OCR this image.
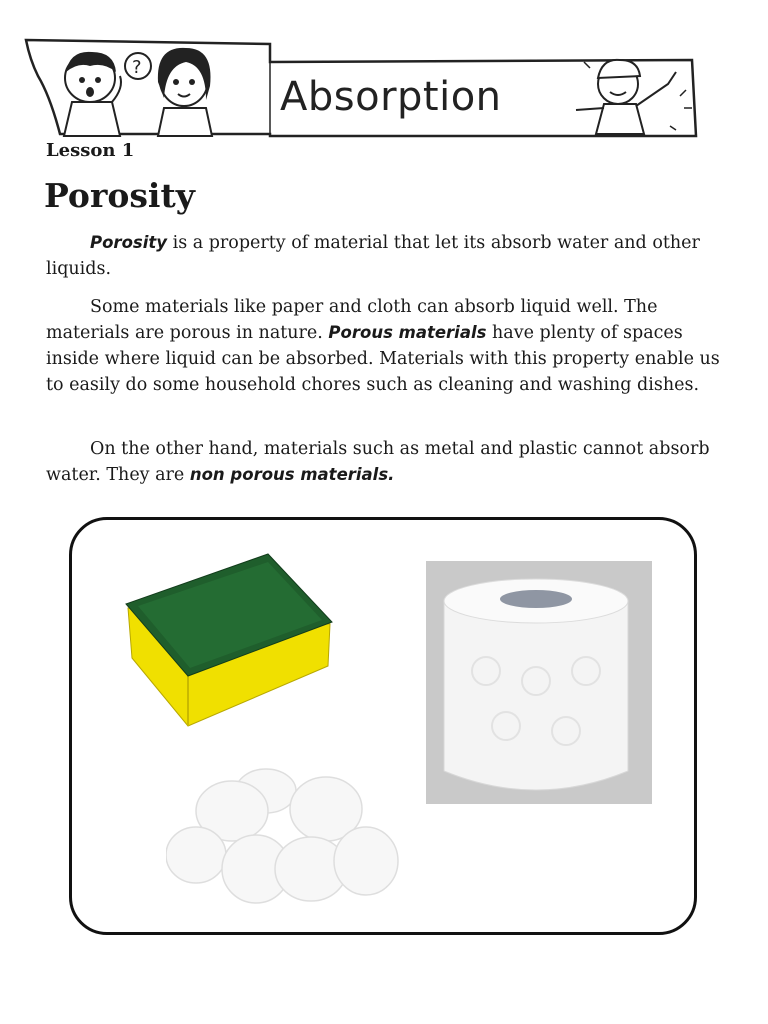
?
Absorption
Lesson 1
Porosity

Porosity is a property of material that let its absorb water and other liquids.

Some materials like paper and cloth can absorb liquid well. The materials are porous in nature. Porous materials have plenty of spaces inside where liquid can be absorbed. Materials with this property enable us to easily do some household chores such as cleaning and washing dishes.

On the other hand, materials such as metal and plastic cannot absorb water. They are non porous materials.
